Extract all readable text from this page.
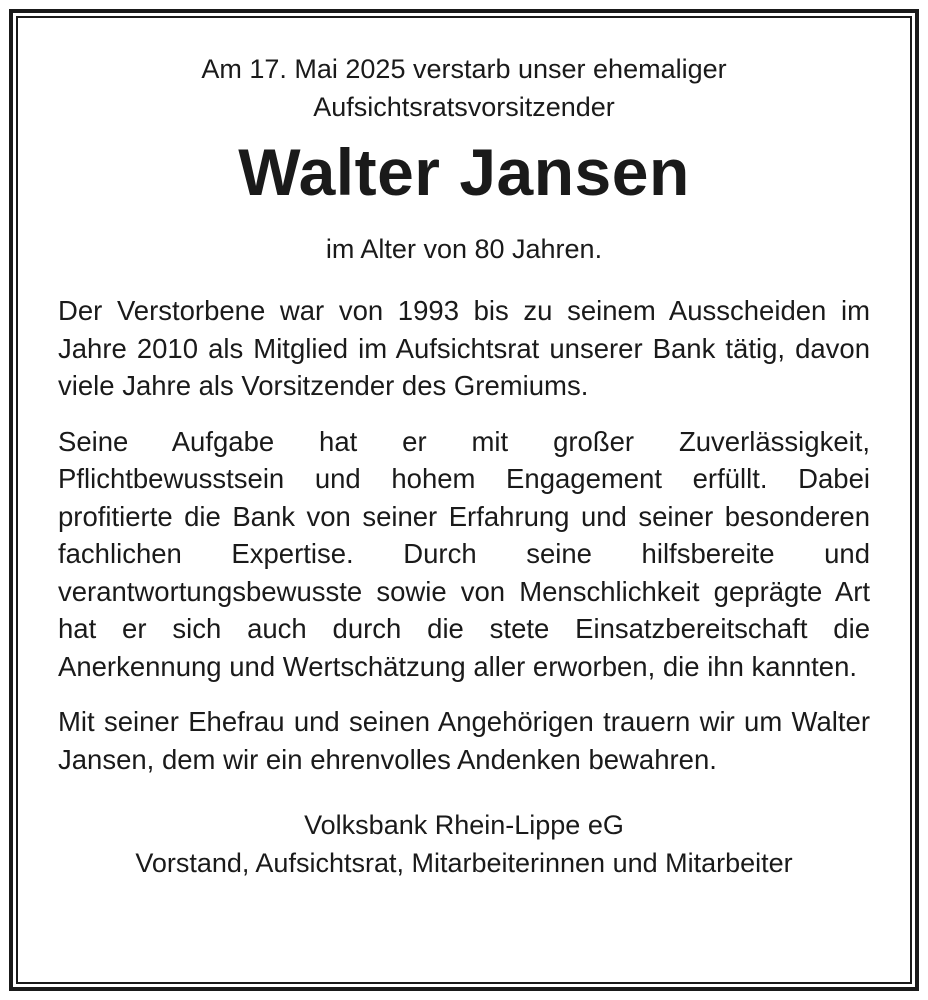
Am 17. Mai 2025 verstarb unser ehemaliger

Aufsichtsratsvorsitzender

Walter Jansen

im Alter von 80 Jahren.

Der Verstorbene war von 1993 bis zu seinem Ausscheiden im Jahre 2010 als Mitglied im Aufsichtsrat unserer Bank tätig, davon viele Jahre als Vorsitzender des Gremiums.

Seine Aufgabe hat er mit großer Zuverlässigkeit, Pflichtbewusstsein und hohem Engagement erfüllt. Dabei profitierte die Bank von seiner Erfahrung und seiner besonderen fachlichen Expertise. Durch seine hilfsbereite und verantwortungsbewusste sowie von Menschlichkeit geprägte Art hat er sich auch durch die stete Einsatzbereitschaft die Anerkennung und Wertschätzung aller erworben, die ihn kannten.

Mit seiner Ehefrau und seinen Angehörigen trauern wir um Walter Jansen, dem wir ein ehrenvolles Andenken bewahren.

Volksbank Rhein-Lippe eG

Vorstand, Aufsichtsrat, Mitarbeiterinnen und Mitarbeiter
